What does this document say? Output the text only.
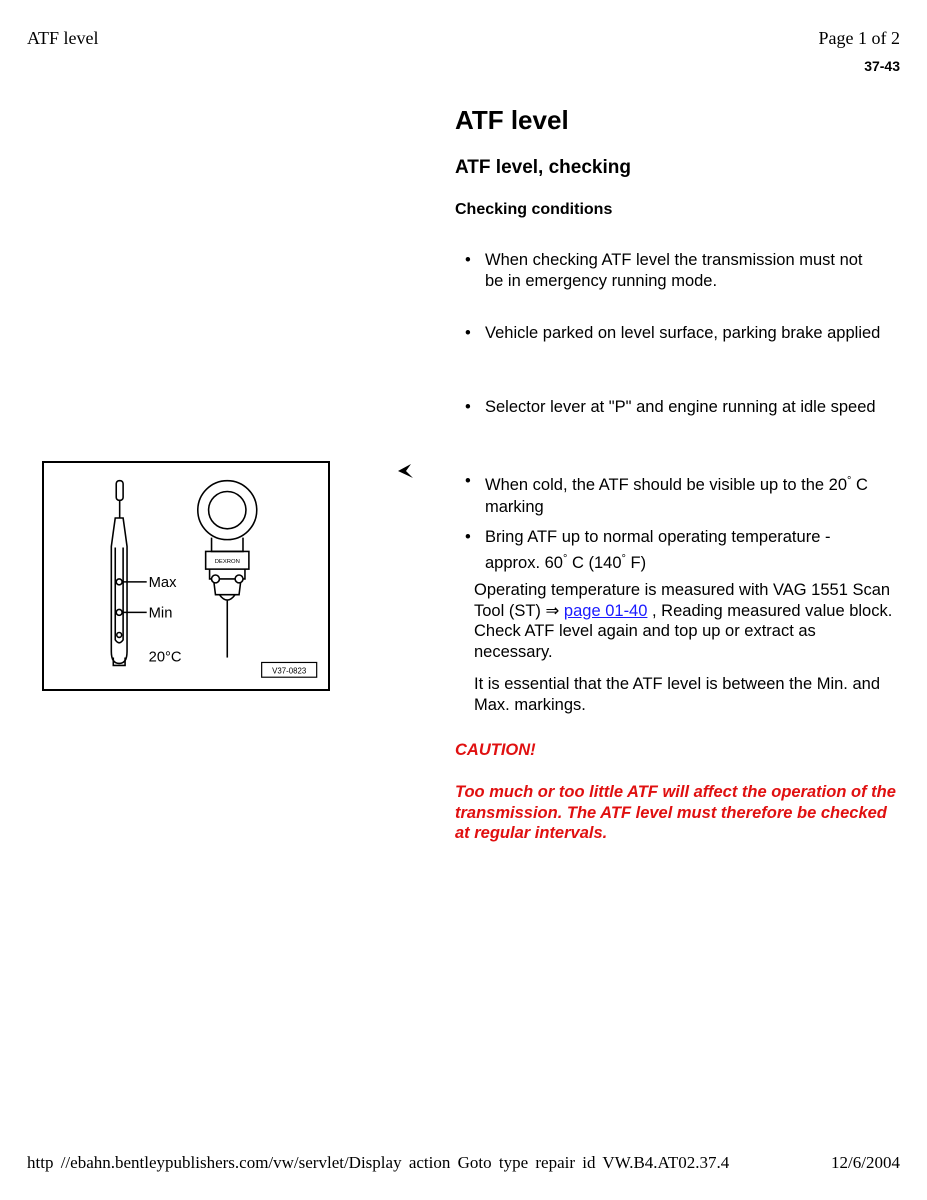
ATF level	Page 1 of 2
37-43
ATF level
ATF level, checking
Checking conditions
• When checking ATF level the transmission must not be in emergency running mode.
• Vehicle parked on level surface, parking brake applied
• Selector lever at "P" and engine running at idle speed
• When cold, the ATF should be visible up to the 20° C marking
• Bring ATF up to normal operating temperature - approx. 60° C (140° F)
Operating temperature is measured with VAG 1551 Scan Tool (ST) ⇒ page 01-40 , Reading measured value block. Check ATF level again and top up or extract as necessary.
It is essential that the ATF level is between the Min. and Max. markings.
CAUTION!
Too much or too little ATF will affect the operation of the transmission. The ATF level must therefore be checked at regular intervals.
Max
Min
20°C
DEXRON
V37-0823
http //ebahn.bentleypublishers.com/vw/servlet/Display action Goto type repair id VW.B4.AT02.37.4	12/6/2004
